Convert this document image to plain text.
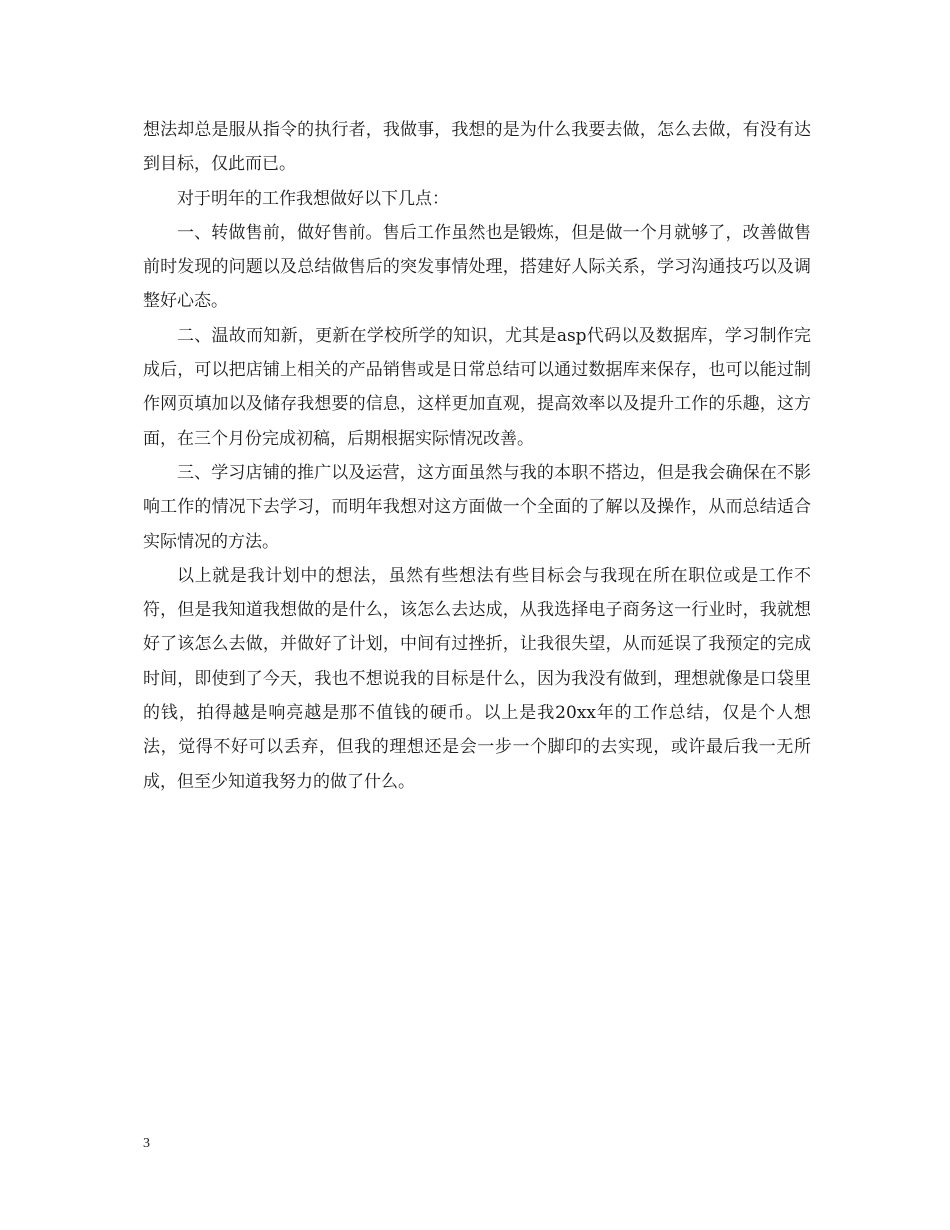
想法却总是服从指令的执行者，我做事，我想的是为什么我要去做，怎么去做，有没有达到目标，仅此而已。

对于明年的工作我想做好以下几点：

一、转做售前，做好售前。售后工作虽然也是锻炼，但是做一个月就够了，改善做售前时发现的问题以及总结做售后的突发事情处理，搭建好人际关系，学习沟通技巧以及调整好心态。

二、温故而知新，更新在学校所学的知识，尤其是asp代码以及数据库，学习制作完成后，可以把店铺上相关的产品销售或是日常总结可以通过数据库来保存，也可以能过制作网页填加以及储存我想要的信息，这样更加直观，提高效率以及提升工作的乐趣，这方面，在三个月份完成初稿，后期根据实际情况改善。

三、学习店铺的推广以及运营，这方面虽然与我的本职不搭边，但是我会确保在不影响工作的情况下去学习，而明年我想对这方面做一个全面的了解以及操作，从而总结适合实际情况的方法。

以上就是我计划中的想法，虽然有些想法有些目标会与我现在所在职位或是工作不符，但是我知道我想做的是什么，该怎么去达成，从我选择电子商务这一行业时，我就想好了该怎么去做，并做好了计划，中间有过挫折，让我很失望，从而延误了我预定的完成时间，即使到了今天，我也不想说我的目标是什么，因为我没有做到，理想就像是口袋里的钱，拍得越是响亮越是那不值钱的硬币。以上是我20xx年的工作总结，仅是个人想法，觉得不好可以丢弃，但我的理想还是会一步一个脚印的去实现，或许最后我一无所成，但至少知道我努力的做了什么。

3
